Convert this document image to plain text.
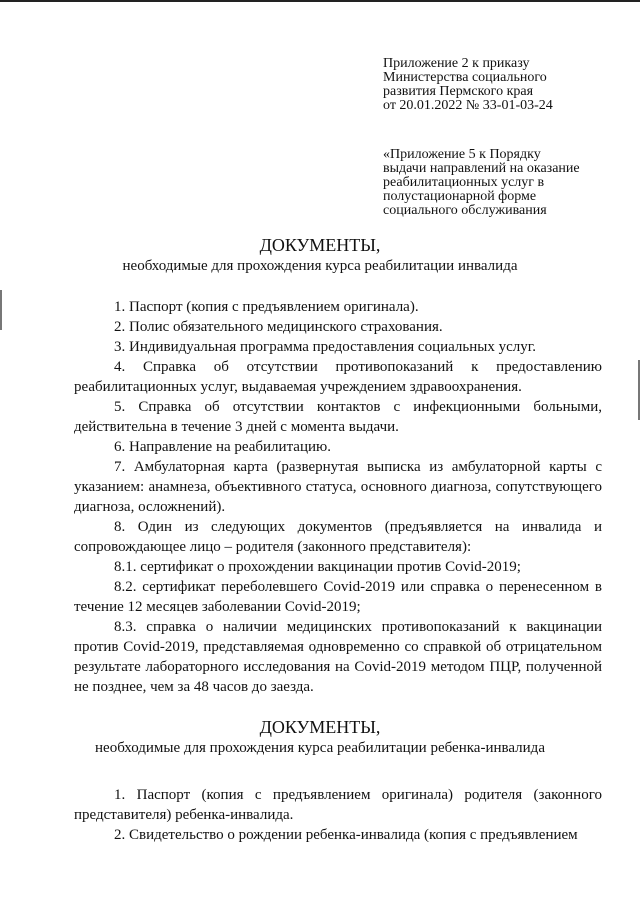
Приложение 2 к приказу
Министерства социального
развития Пермского края
от 20.01.2022 № 33-01-03-24
«Приложение 5 к Порядку
выдачи направлений на оказание
реабилитационных услуг в
полустационарной форме
социального обслуживания
ДОКУМЕНТЫ,
необходимые для прохождения курса реабилитации инвалида

1. Паспорт (копия с предъявлением оригинала).

2. Полис обязательного медицинского страхования.

3. Индивидуальная программа предоставления социальных услуг.

4. Справка об отсутствии противопоказаний к предоставлению реабилитационных услуг, выдаваемая учреждением здравоохранения.

5. Справка об отсутствии контактов с инфекционными больными, действительна в течение 3 дней с момента выдачи.

6. Направление на реабилитацию.

7. Амбулаторная карта (развернутая выписка из амбулаторной карты с указанием: анамнеза, объективного статуса, основного диагноза, сопутствующего диагноза, осложнений).

8. Один из следующих документов (предъявляется на инвалида и сопровождающее лицо – родителя (законного представителя):

8.1. сертификат о прохождении вакцинации против Covid-2019;

8.2. сертификат переболевшего Covid-2019 или справка о перенесенном в течение 12 месяцев заболевании Covid-2019;

8.3. справка о наличии медицинских противопоказаний к вакцинации против Covid-2019, представляемая одновременно со справкой об отрицательном результате лабораторного исследования на Covid-2019 методом ПЦР, полученной не позднее, чем за 48 часов до заезда.

ДОКУМЕНТЫ,
необходимые для прохождения курса реабилитации ребенка-инвалида

1. Паспорт (копия с предъявлением оригинала) родителя (законного представителя) ребенка-инвалида.

2. Свидетельство о рождении ребенка-инвалида (копия с предъявлением
